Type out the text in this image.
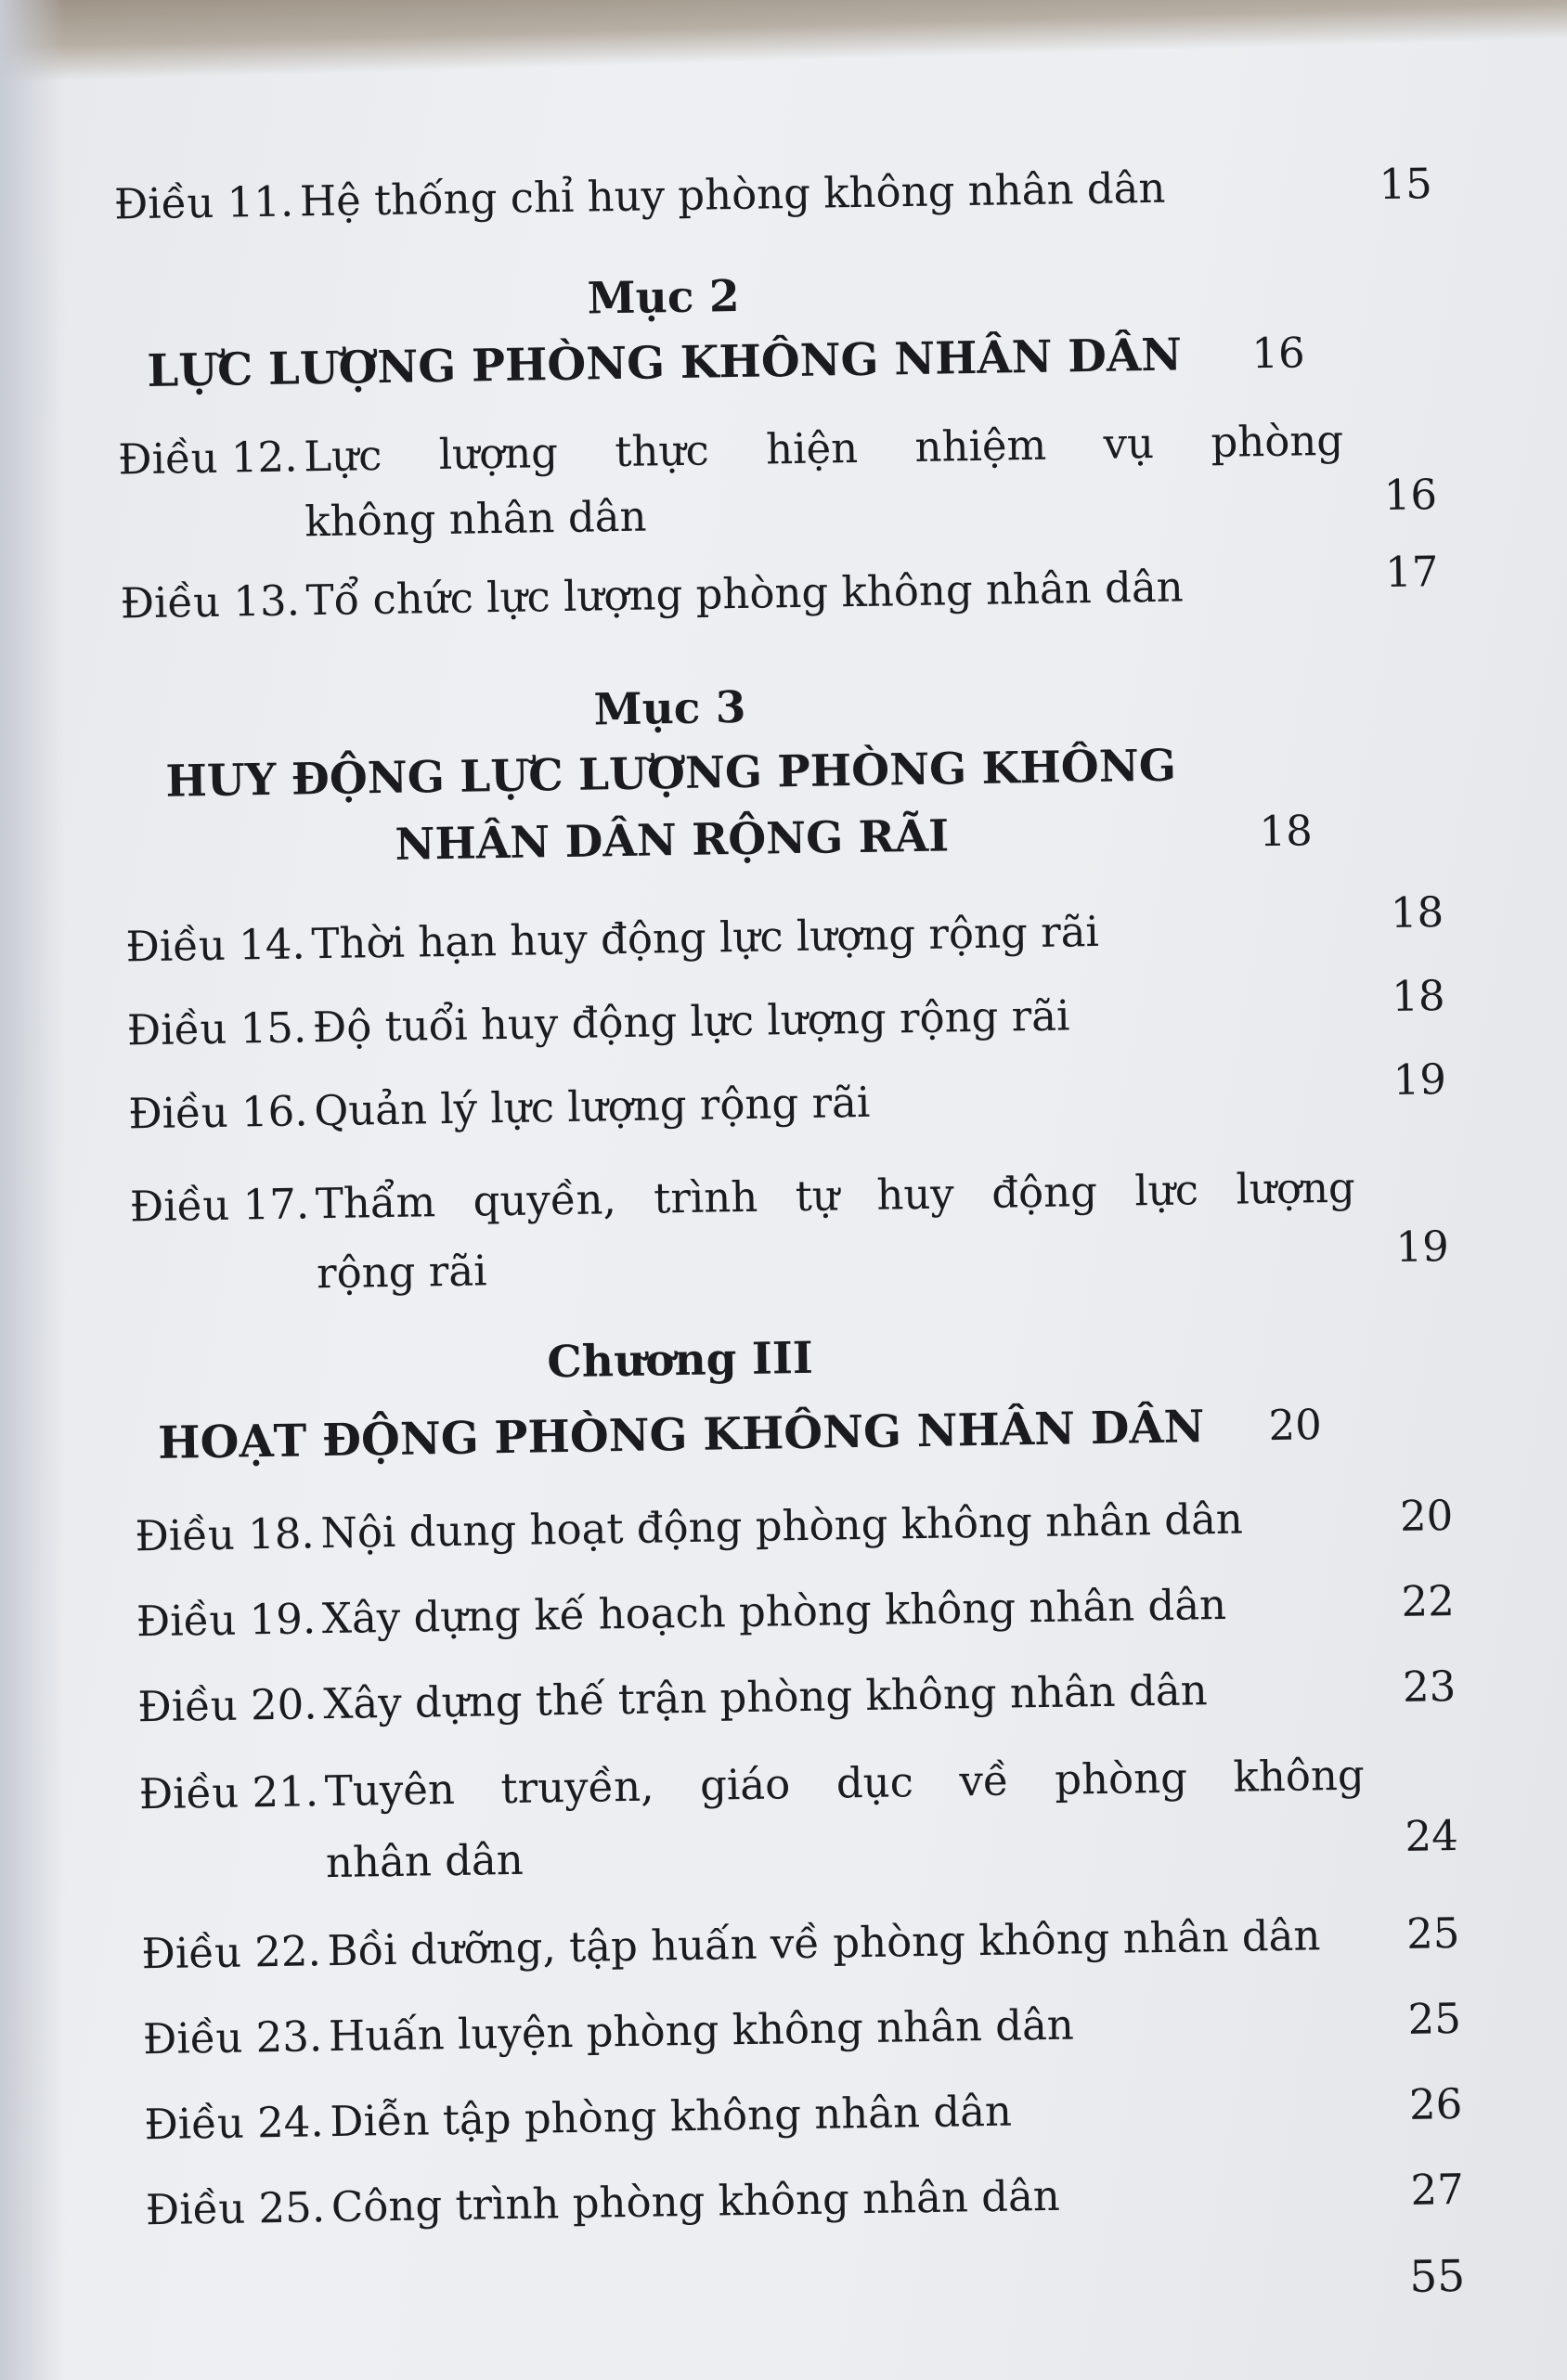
Điều 11. Hệ thống chỉ huy phòng không nhân dân	15
Mục 2
LỰC LƯỢNG PHÒNG KHÔNG NHÂN DÂN	16
Điều 12. Lực lượng thực hiện nhiệm vụ phòng
không nhân dân	16
Điều 13. Tổ chức lực lượng phòng không nhân dân	17
Mục 3
HUY ĐỘNG LỰC LƯỢNG PHÒNG KHÔNG
NHÂN DÂN RỘNG RÃI	18
Điều 14. Thời hạn huy động lực lượng rộng rãi	18
Điều 15. Độ tuổi huy động lực lượng rộng rãi	18
Điều 16. Quản lý lực lượng rộng rãi	19
Điều 17. Thẩm quyền, trình tự huy động lực lượng
rộng rãi	19
Chương III
HOẠT ĐỘNG PHÒNG KHÔNG NHÂN DÂN	20
Điều 18. Nội dung hoạt động phòng không nhân dân	20
Điều 19. Xây dựng kế hoạch phòng không nhân dân	22
Điều 20. Xây dựng thế trận phòng không nhân dân	23
Điều 21. Tuyên truyền, giáo dục về phòng không
nhân dân	24
Điều 22. Bồi dưỡng, tập huấn về phòng không nhân dân	25
Điều 23. Huấn luyện phòng không nhân dân	25
Điều 24. Diễn tập phòng không nhân dân	26
Điều 25. Công trình phòng không nhân dân	27
55
